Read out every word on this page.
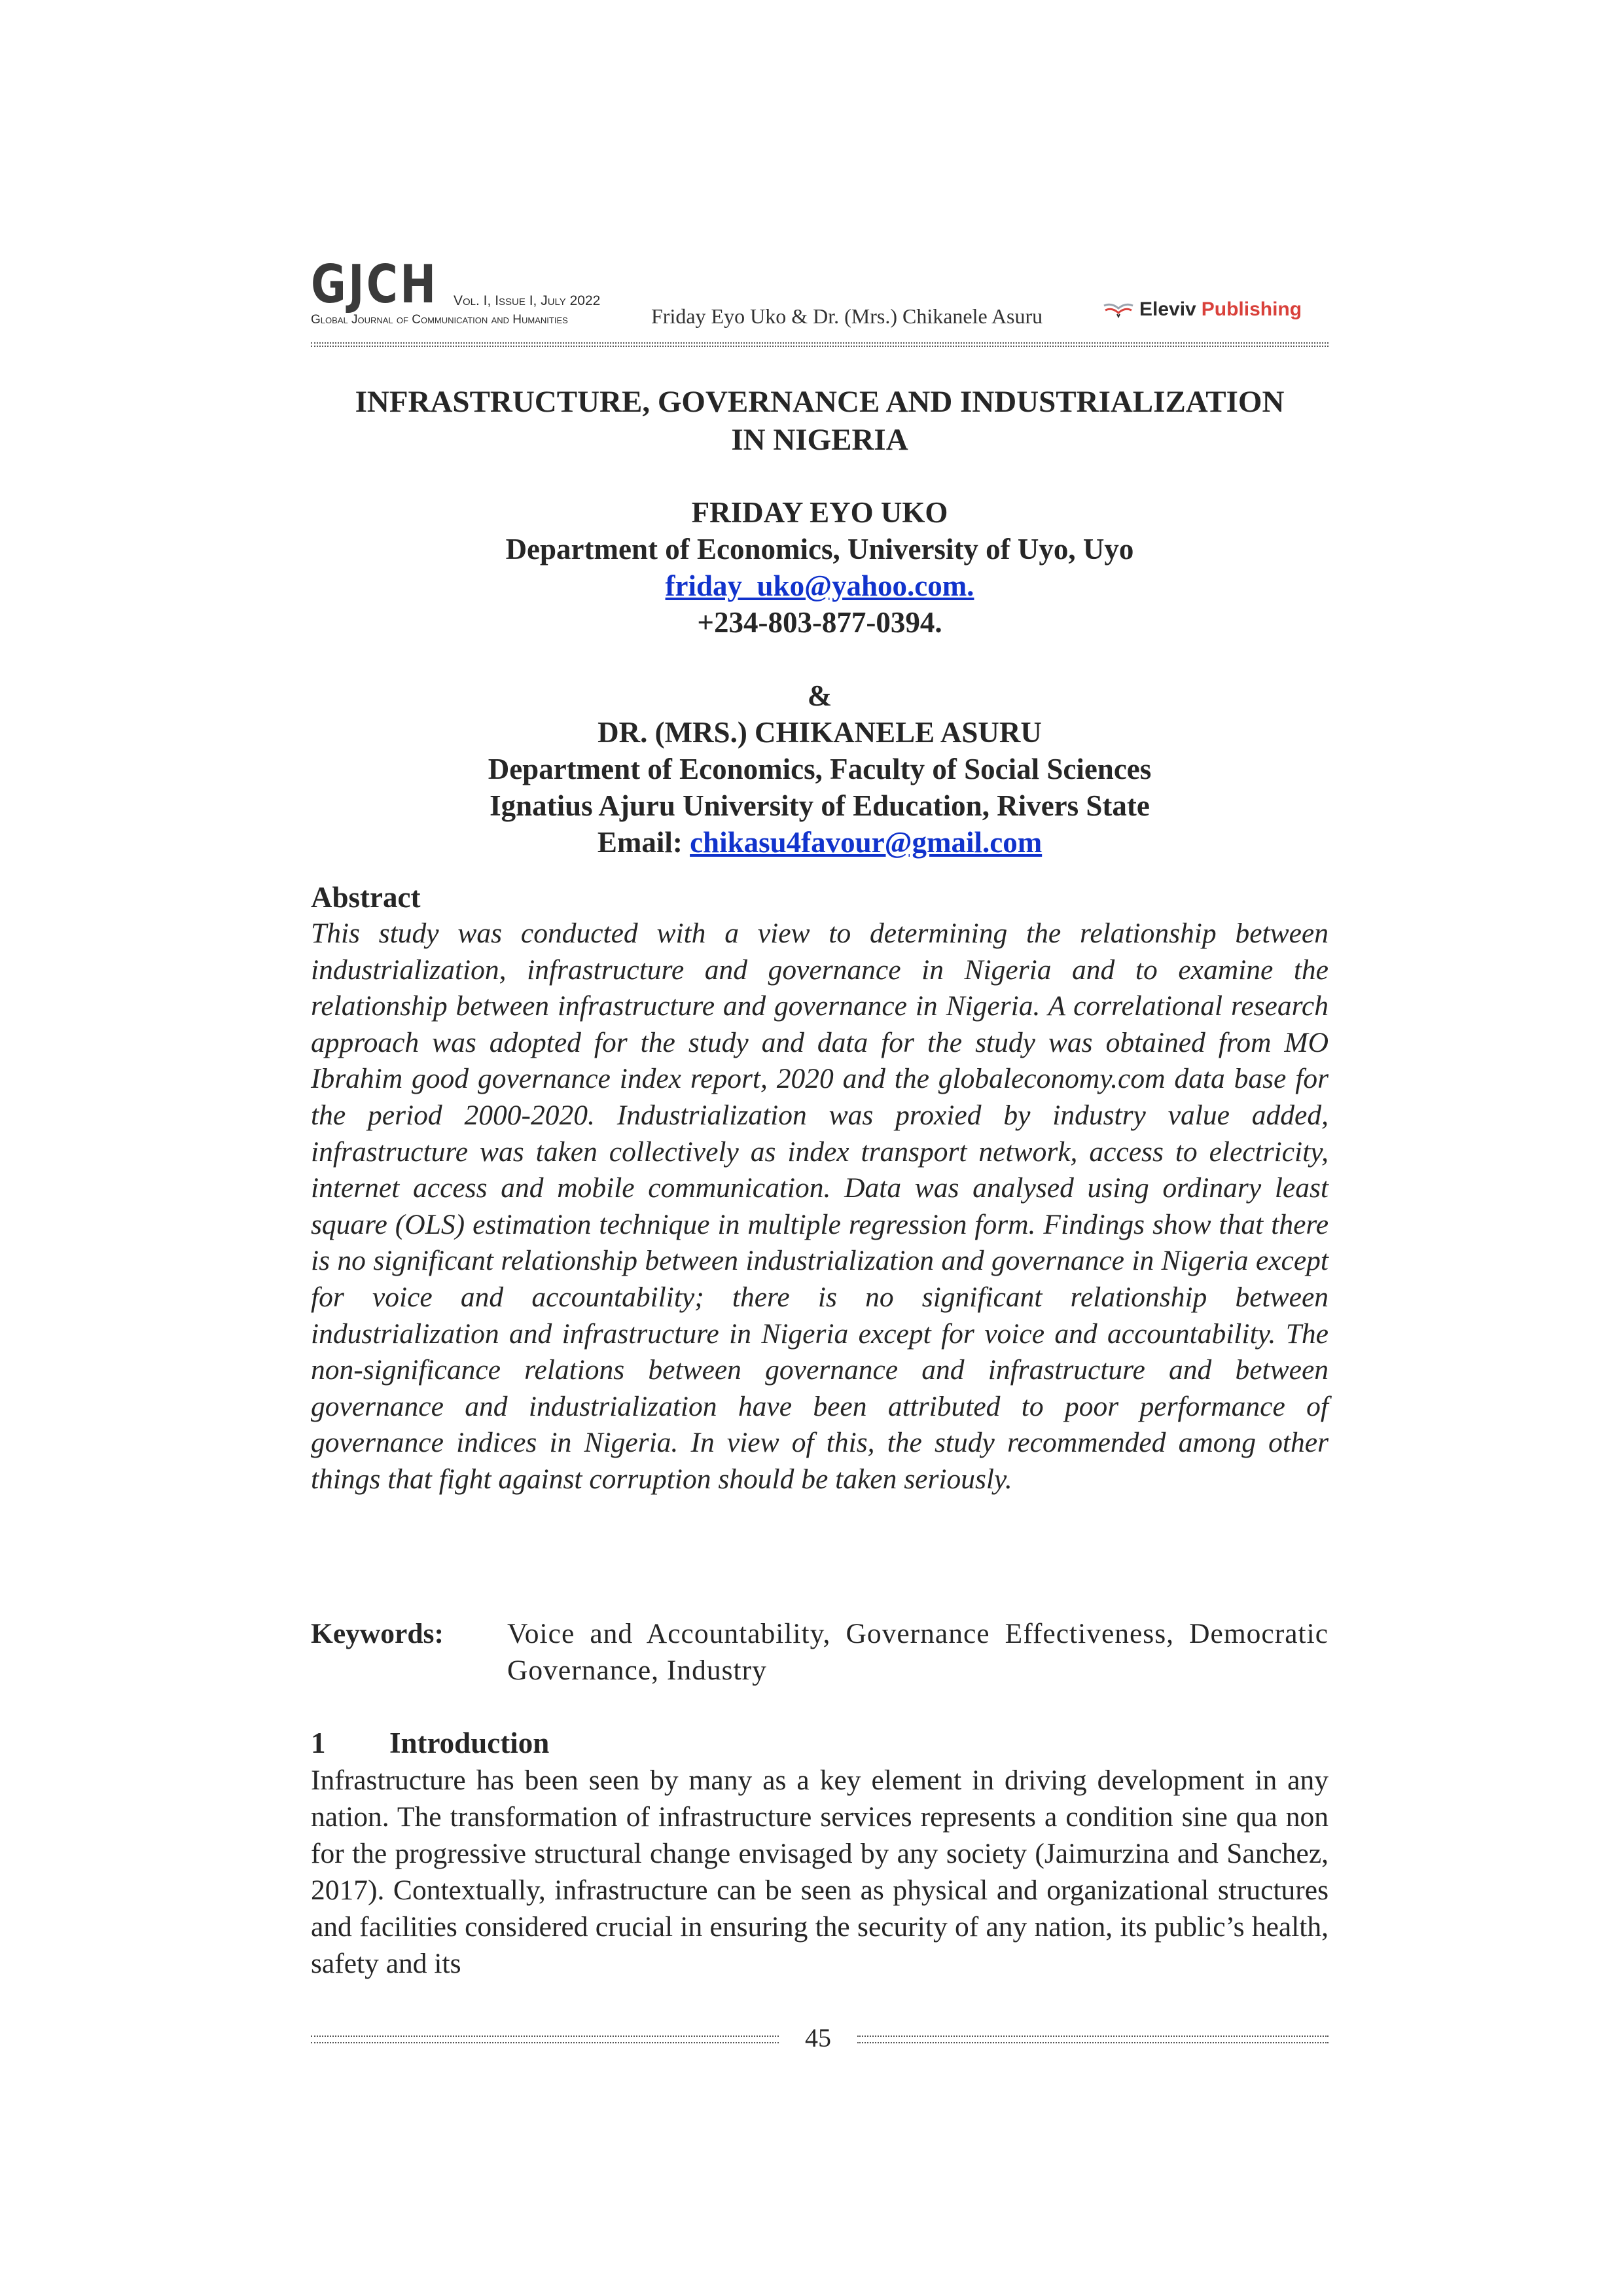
GJCH Vol. I, Issue I, July 2022
Global Journal of Communication and Humanities	Friday Eyo Uko & Dr. (Mrs.) Chikanele Asuru	Eleviv Publishing
INFRASTRUCTURE, GOVERNANCE AND INDUSTRIALIZATION
IN NIGERIA
FRIDAY EYO UKO
Department of Economics, University of Uyo, Uyo
friday_uko@yahoo.com.
+234-803-877-0394.
&
DR. (MRS.) CHIKANELE ASURU
Department of Economics, Faculty of Social Sciences
Ignatius Ajuru University of Education, Rivers State
Email: chikasu4favour@gmail.com
Abstract
This study was conducted with a view to determining the relationship between industrialization, infrastructure and governance in Nigeria and to examine the relationship between infrastructure and governance in Nigeria. A correlational research approach was adopted for the study and data for the study was obtained from MO Ibrahim good governance index report, 2020 and the globaleconomy.com data base for the period 2000-2020. Industrialization was proxied by industry value added, infrastructure was taken collectively as index transport network, access to electricity, internet access and mobile communication. Data was analysed using ordinary least square (OLS) estimation technique in multiple regression form. Findings show that there is no significant relationship between industrialization and governance in Nigeria except for voice and accountability; there is no significant relationship between industrialization and infrastructure in Nigeria except for voice and accountability. The non-significance relations between governance and infrastructure and between governance and industrialization have been attributed to poor performance of governance indices in Nigeria. In view of this, the study recommended among other things that fight against corruption should be taken seriously.
Keywords:	Voice and Accountability, Governance Effectiveness, Democratic Governance, Industry
1 Introduction
Infrastructure has been seen by many as a key element in driving development in any nation. The transformation of infrastructure services represents a condition sine qua non for the progressive structural change envisaged by any society (Jaimurzina and Sanchez, 2017). Contextually, infrastructure can be seen as physical and organizational structures and facilities considered crucial in ensuring the security of any nation, its public’s health, safety and its
45
